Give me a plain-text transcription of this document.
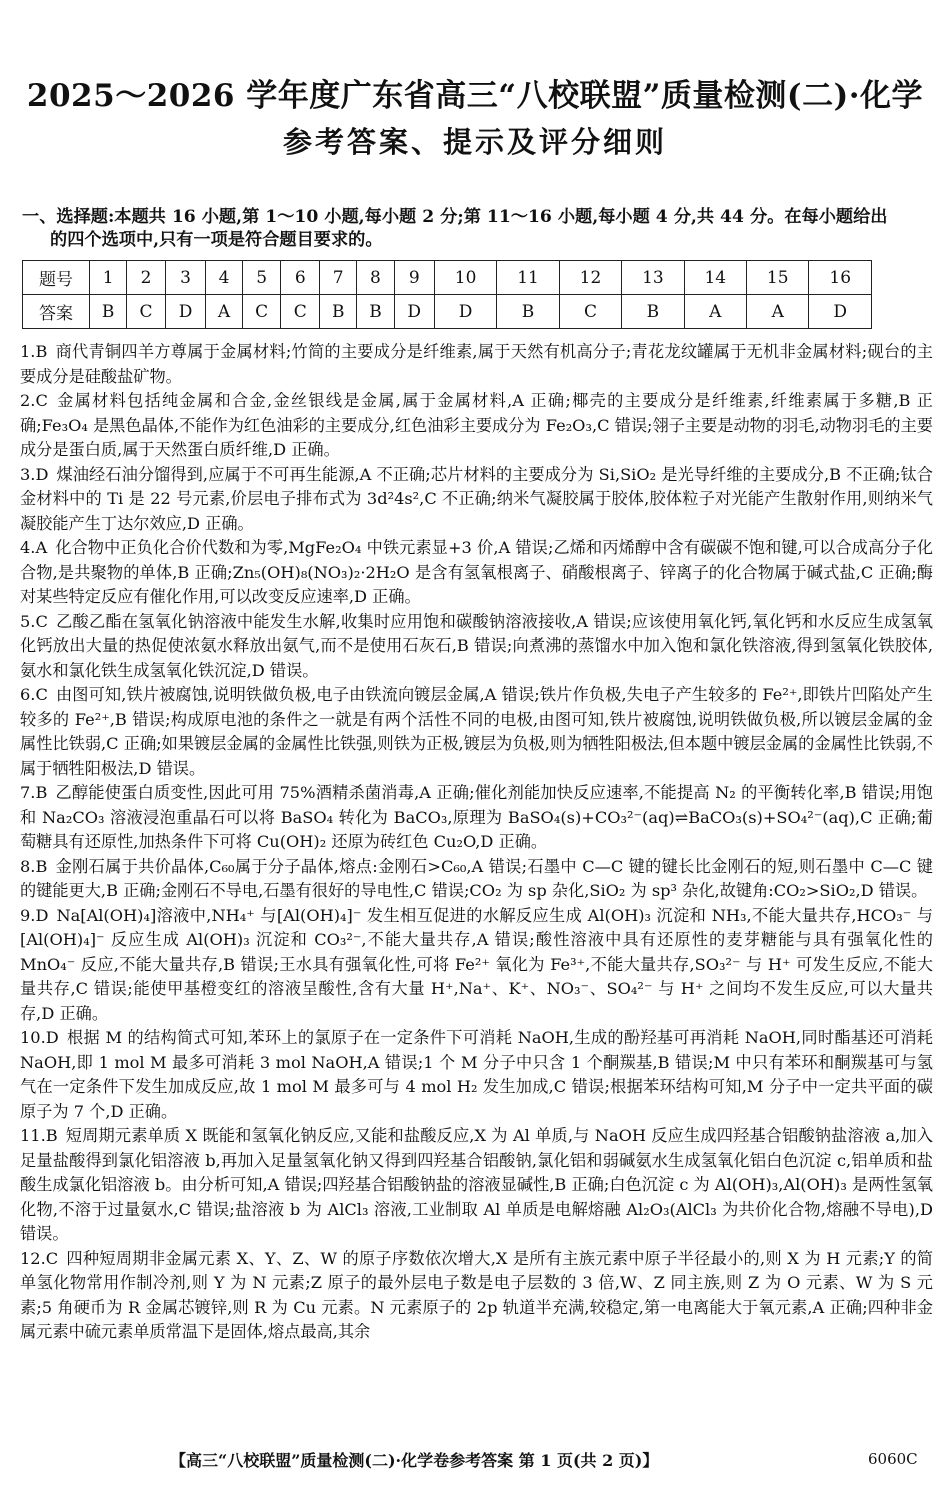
2025～2026 学年度广东省高三“八校联盟”质量检测(二)·化学
参考答案、提示及评分细则
一、选择题:本题共 16 小题,第 1～10 小题,每小题 2 分;第 11～16 小题,每小题 4 分,共 44 分。在每小题给出
的四个选项中,只有一项是符合题目要求的。
题号	1	2	3	4	5	6	7	8	9	10	11	12	13	14	15	16
答案	B	C	D	A	C	C	B	B	D	D	B	C	B	A	A	D
1.B 商代青铜四羊方尊属于金属材料;竹简的主要成分是纤维素,属于天然有机高分子;青花龙纹罐属于无机非金属材料;砚台的主要成分是硅酸盐矿物。
2.C 金属材料包括纯金属和合金,金丝银线是金属,属于金属材料,A 正确;椰壳的主要成分是纤维素,纤维素属于多糖,B 正确;Fe₃O₄ 是黑色晶体,不能作为红色油彩的主要成分,红色油彩主要成分为 Fe₂O₃,C 错误;翎子主要是动物的羽毛,动物羽毛的主要成分是蛋白质,属于天然蛋白质纤维,D 正确。
3.D 煤油经石油分馏得到,应属于不可再生能源,A 不正确;芯片材料的主要成分为 Si,SiO₂ 是光导纤维的主要成分,B 不正确;钛合金材料中的 Ti 是 22 号元素,价层电子排布式为 3d²4s²,C 不正确;纳米气凝胶属于胶体,胶体粒子对光能产生散射作用,则纳米气凝胶能产生丁达尔效应,D 正确。
4.A 化合物中正负化合价代数和为零,MgFe₂O₄ 中铁元素显+3 价,A 错误;乙烯和丙烯醇中含有碳碳不饱和键,可以合成高分子化合物,是共聚物的单体,B 正确;Zn₅(OH)₈(NO₃)₂·2H₂O 是含有氢氧根离子、硝酸根离子、锌离子的化合物属于碱式盐,C 正确;酶对某些特定反应有催化作用,可以改变反应速率,D 正确。
5.C 乙酸乙酯在氢氧化钠溶液中能发生水解,收集时应用饱和碳酸钠溶液接收,A 错误;应该使用氧化钙,氧化钙和水反应生成氢氧化钙放出大量的热促使浓氨水释放出氨气,而不是使用石灰石,B 错误;向煮沸的蒸馏水中加入饱和氯化铁溶液,得到氢氧化铁胶体,氨水和氯化铁生成氢氧化铁沉淀,D 错误。
6.C 由图可知,铁片被腐蚀,说明铁做负极,电子由铁流向镀层金属,A 错误;铁片作负极,失电子产生较多的 Fe²⁺,即铁片凹陷处产生较多的 Fe²⁺,B 错误;构成原电池的条件之一就是有两个活性不同的电极,由图可知,铁片被腐蚀,说明铁做负极,所以镀层金属的金属性比铁弱,C 正确;如果镀层金属的金属性比铁强,则铁为正极,镀层为负极,则为牺牲阳极法,但本题中镀层金属的金属性比铁弱,不属于牺牲阳极法,D 错误。
7.B 乙醇能使蛋白质变性,因此可用 75%酒精杀菌消毒,A 正确;催化剂能加快反应速率,不能提高 N₂ 的平衡转化率,B 错误;用饱和 Na₂CO₃ 溶液浸泡重晶石可以将 BaSO₄ 转化为 BaCO₃,原理为 BaSO₄(s)+CO₃²⁻(aq)⇌BaCO₃(s)+SO₄²⁻(aq),C 正确;葡萄糖具有还原性,加热条件下可将 Cu(OH)₂ 还原为砖红色 Cu₂O,D 正确。
8.B 金刚石属于共价晶体,C₆₀属于分子晶体,熔点:金刚石>C₆₀,A 错误;石墨中 C—C 键的键长比金刚石的短,则石墨中 C—C 键的键能更大,B 正确;金刚石不导电,石墨有很好的导电性,C 错误;CO₂ 为 sp 杂化,SiO₂ 为 sp³ 杂化,故键角:CO₂>SiO₂,D 错误。
9.D Na[Al(OH)₄]溶液中,NH₄⁺ 与[Al(OH)₄]⁻ 发生相互促进的水解反应生成 Al(OH)₃ 沉淀和 NH₃,不能大量共存,HCO₃⁻ 与[Al(OH)₄]⁻ 反应生成 Al(OH)₃ 沉淀和 CO₃²⁻,不能大量共存,A 错误;酸性溶液中具有还原性的麦芽糖能与具有强氧化性的 MnO₄⁻ 反应,不能大量共存,B 错误;王水具有强氧化性,可将 Fe²⁺ 氧化为 Fe³⁺,不能大量共存,SO₃²⁻ 与 H⁺ 可发生反应,不能大量共存,C 错误;能使甲基橙变红的溶液呈酸性,含有大量 H⁺,Na⁺、K⁺、NO₃⁻、SO₄²⁻ 与 H⁺ 之间均不发生反应,可以大量共存,D 正确。
10.D 根据 M 的结构简式可知,苯环上的氯原子在一定条件下可消耗 NaOH,生成的酚羟基可再消耗 NaOH,同时酯基还可消耗 NaOH,即 1 mol M 最多可消耗 3 mol NaOH,A 错误;1 个 M 分子中只含 1 个酮羰基,B 错误;M 中只有苯环和酮羰基可与氢气在一定条件下发生加成反应,故 1 mol M 最多可与 4 mol H₂ 发生加成,C 错误;根据苯环结构可知,M 分子中一定共平面的碳原子为 7 个,D 正确。
11.B 短周期元素单质 X 既能和氢氧化钠反应,又能和盐酸反应,X 为 Al 单质,与 NaOH 反应生成四羟基合铝酸钠盐溶液 a,加入足量盐酸得到氯化铝溶液 b,再加入足量氢氧化钠又得到四羟基合铝酸钠,氯化铝和弱碱氨水生成氢氧化铝白色沉淀 c,铝单质和盐酸生成氯化铝溶液 b。由分析可知,A 错误;四羟基合铝酸钠盐的溶液显碱性,B 正确;白色沉淀 c 为 Al(OH)₃,Al(OH)₃ 是两性氢氧化物,不溶于过量氨水,C 错误;盐溶液 b 为 AlCl₃ 溶液,工业制取 Al 单质是电解熔融 Al₂O₃(AlCl₃ 为共价化合物,熔融不导电),D 错误。
12.C 四种短周期非金属元素 X、Y、Z、W 的原子序数依次增大,X 是所有主族元素中原子半径最小的,则 X 为 H 元素;Y 的简单氢化物常用作制冷剂,则 Y 为 N 元素;Z 原子的最外层电子数是电子层数的 3 倍,W、Z 同主族,则 Z 为 O 元素、W 为 S 元素;5 角硬币为 R 金属芯镀锌,则 R 为 Cu 元素。N 元素原子的 2p 轨道半充满,较稳定,第一电离能大于氧元素,A 正确;四种非金属元素中硫元素单质常温下是固体,熔点最高,其余
【高三“八校联盟”质量检测(二)·化学卷参考答案 第 1 页(共 2 页)】	6060C
